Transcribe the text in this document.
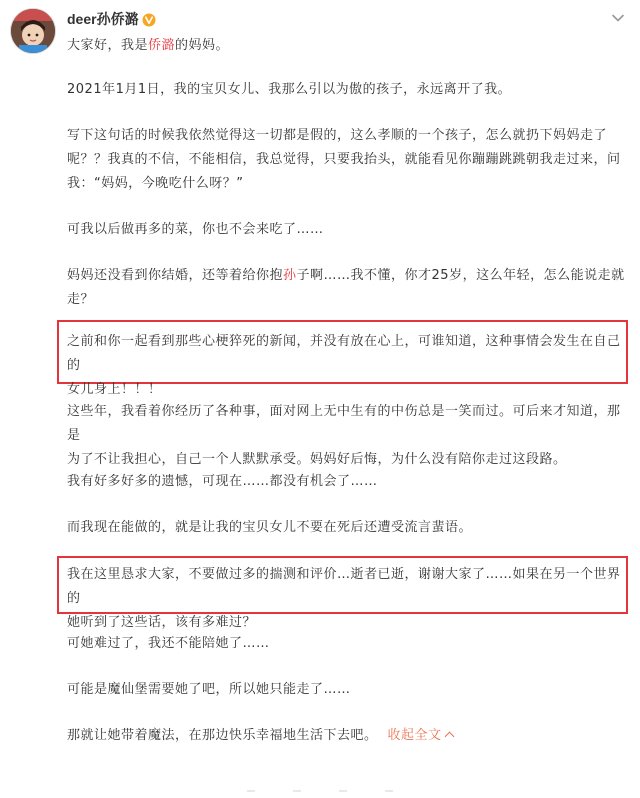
deer孙侨潞

大家好，我是侨潞的妈妈。

2021年1月1日，我的宝贝女儿、我那么引以为傲的孩子，永远离开了我。

写下这句话的时候我依然觉得这一切都是假的，这么孝顺的一个孩子，怎么就扔下妈妈走了
呢？？我真的不信，不能相信，我总觉得，只要我抬头，就能看见你蹦蹦跳跳朝我走过来，问
我：“妈妈，今晚吃什么呀？”

可我以后做再多的菜，你也不会来吃了……

妈妈还没看到你结婚，还等着给你抱孙子啊……我不懂，你才25岁，这么年轻，怎么能说走就
走？

之前和你一起看到那些心梗猝死的新闻，并没有放在心上，可谁知道，这种事情会发生在自己的
女儿身上！！！

这些年，我看着你经历了各种事，面对网上无中生有的中伤总是一笑而过。可后来才知道，那是
为了不让我担心，自己一个人默默承受。妈妈好后悔，为什么没有陪你走过这段路。

我有好多好多的遗憾，可现在……都没有机会了……

而我现在能做的，就是让我的宝贝女儿不要在死后还遭受流言蜚语。

我在这里恳求大家，不要做过多的揣测和评价…逝者已逝，谢谢大家了……如果在另一个世界的
她听到了这些话，该有多难过？

可她难过了，我还不能陪她了……

可能是魔仙堡需要她了吧，所以她只能走了……

那就让她带着魔法，在那边快乐幸福地生活下去吧。 收起全文
